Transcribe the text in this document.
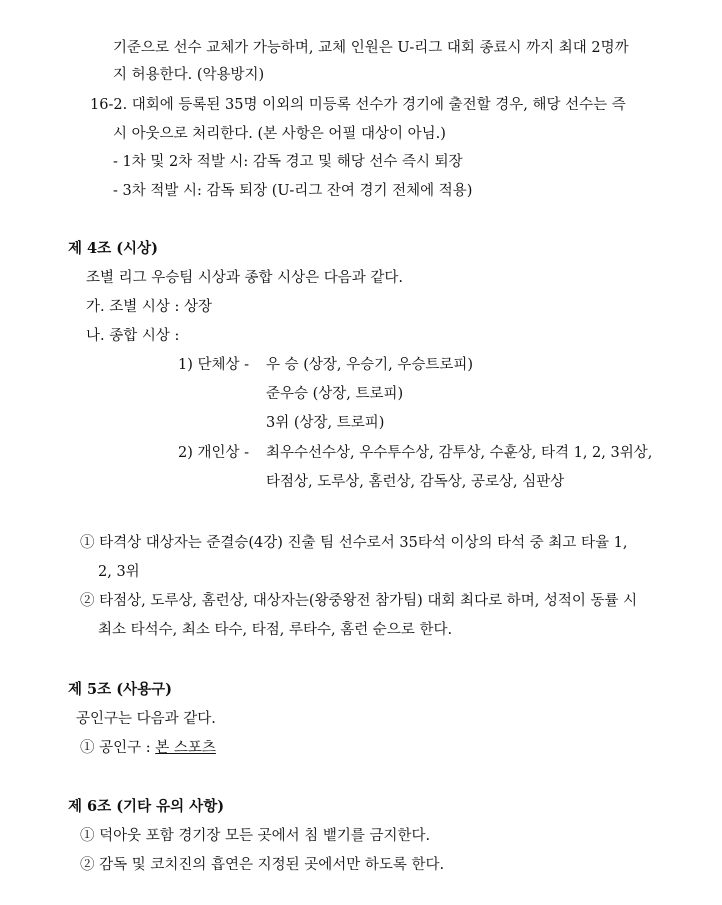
기준으로 선수 교체가 가능하며, 교체 인원은 U-리그 대회 종료시 까지 최대 2명까
지 허용한다. (악용방지)
16-2. 대회에 등록된 35명 이외의 미등록 선수가 경기에 출전할 경우, 해당 선수는 즉
시 아웃으로 처리한다. (본 사항은 어필 대상이 아님.)
- 1차 및 2차 적발 시: 감독 경고 및 해당 선수 즉시 퇴장
- 3차 적발 시: 감독 퇴장 (U-리그 잔여 경기 전체에 적용)
제 4조 (시상)
조별 리그 우승팀 시상과 종합 시상은 다음과 같다.
가. 조별 시상 : 상장
나. 종합 시상 :
1) 단체상 - 우 승 (상장, 우승기, 우승트로피)
준우승 (상장, 트로피)
3위 (상장, 트로피)
2) 개인상 - 최우수선수상, 우수투수상, 감투상, 수훈상, 타격 1, 2, 3위상,
타점상, 도루상, 홈런상, 감독상, 공로상, 심판상
① 타격상 대상자는 준결승(4강) 진출 팀 선수로서 35타석 이상의 타석 중 최고 타율 1,
2, 3위
② 타점상, 도루상, 홈런상, 대상자는(왕중왕전 참가팀) 대회 최다로 하며, 성적이 동률 시
최소 타석수, 최소 타수, 타점, 루타수, 홈런 순으로 한다.
제 5조 (사용구)
공인구는 다음과 같다.
① 공인구 : 본 스포츠
제 6조 (기타 유의 사항)
① 덕아웃 포함 경기장 모든 곳에서 침 뱉기를 금지한다.
② 감독 및 코치진의 흡연은 지정된 곳에서만 하도록 한다.
